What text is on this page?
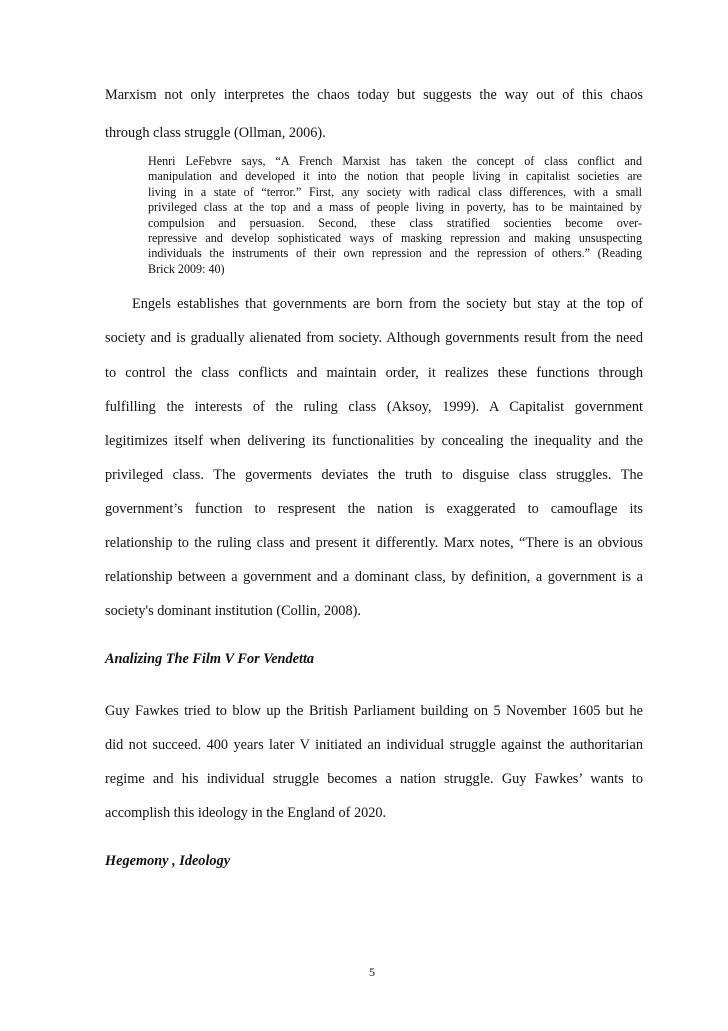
Marxism not only interpretes the chaos today but suggests the way out of this chaos
through class struggle (Ollman, 2006).
Henri LeFebvre says, “A French Marxist has taken the concept of class conflict and
manipulation and developed it into the notion that people living in capitalist societies are
living in a state of “terror.” First, any society with radical class differences, with a small
privileged class at the top and a mass of people living in poverty, has to be maintained by
compulsion and persuasion. Second, these class stratified socienties become over-
repressive and develop sophisticated ways of masking repression and making unsuspecting
individuals the instruments of their own repression and the repression of others.” (Reading
Brick 2009: 40)
Engels establishes that governments are born from the society but stay at the top of
society and is gradually alienated from society. Although governments result from the need
to control the class conflicts and maintain order, it realizes these functions through
fulfilling the interests of the ruling class (Aksoy, 1999). A Capitalist government
legitimizes itself when delivering its functionalities by concealing the inequality and the
privileged class. The goverments deviates the truth to disguise class struggles. The
government’s function to respresent the nation is exaggerated to camouflage its
relationship to the ruling class and present it differently. Marx notes, “There is an obvious
relationship between a government and a dominant class, by definition, a government is a
society's dominant institution (Collin, 2008).
Analizing The Film V For Vendetta
Guy Fawkes tried to blow up the British Parliament building on 5 November 1605 but he
did not succeed. 400 years later V initiated an individual struggle against the authoritarian
regime and his individual struggle becomes a nation struggle. Guy Fawkes’ wants to
accomplish this ideology in the England of 2020.
Hegemony , Ideology
5
